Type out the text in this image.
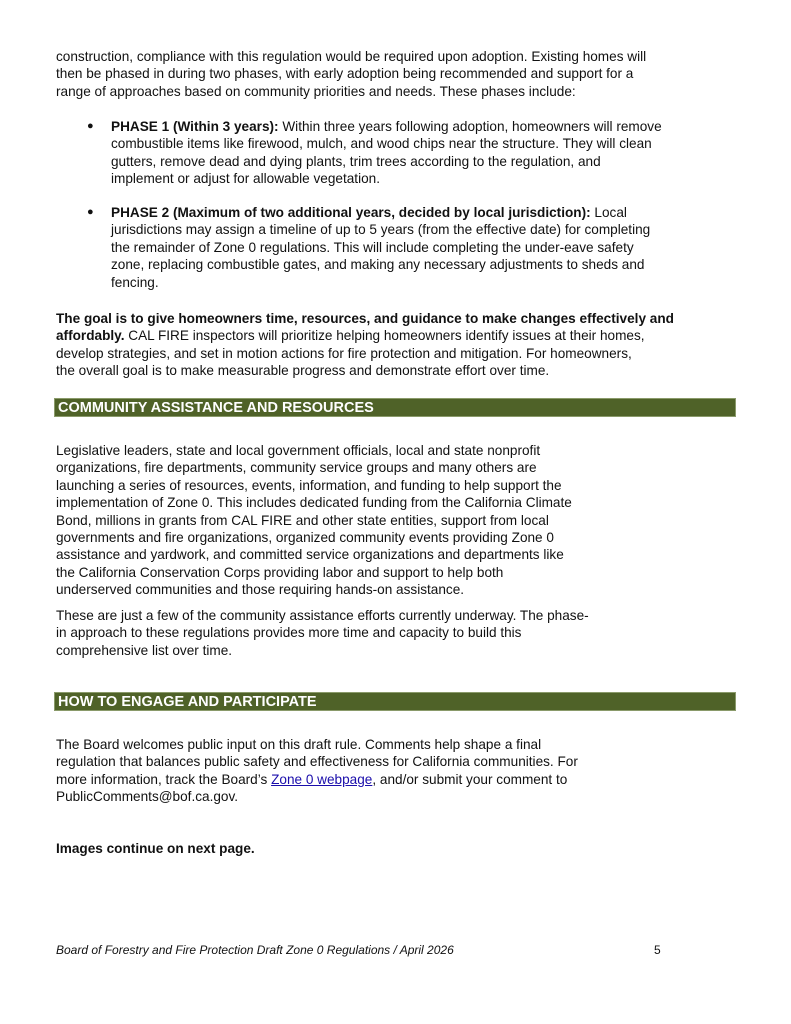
construction, compliance with this regulation would be required upon adoption. Existing homes will
then be phased in during two phases, with early adoption being recommended and support for a
range of approaches based on community priorities and needs. These phases include:
● PHASE 1 (Within 3 years): Within three years following adoption, homeowners will remove
combustible items like firewood, mulch, and wood chips near the structure. They will clean
gutters, remove dead and dying plants, trim trees according to the regulation, and
implement or adjust for allowable vegetation.
● PHASE 2 (Maximum of two additional years, decided by local jurisdiction): Local
jurisdictions may assign a timeline of up to 5 years (from the effective date) for completing
the remainder of Zone 0 regulations. This will include completing the under-eave safety
zone, replacing combustible gates, and making any necessary adjustments to sheds and
fencing.
The goal is to give homeowners time, resources, and guidance to make changes effectively and
affordably. CAL FIRE inspectors will prioritize helping homeowners identify issues at their homes,
develop strategies, and set in motion actions for fire protection and mitigation. For homeowners,
the overall goal is to make measurable progress and demonstrate effort over time.
COMMUNITY ASSISTANCE AND RESOURCES
Legislative leaders, state and local government officials, local and state nonprofit
organizations, fire departments, community service groups and many others are
launching a series of resources, events, information, and funding to help support the
implementation of Zone 0. This includes dedicated funding from the California Climate
Bond, millions in grants from CAL FIRE and other state entities, support from local
governments and fire organizations, organized community events providing Zone 0
assistance and yardwork, and committed service organizations and departments like
the California Conservation Corps providing labor and support to help both
underserved communities and those requiring hands-on assistance.
These are just a few of the community assistance efforts currently underway. The phase-
in approach to these regulations provides more time and capacity to build this
comprehensive list over time.
HOW TO ENGAGE AND PARTICIPATE
The Board welcomes public input on this draft rule. Comments help shape a final
regulation that balances public safety and effectiveness for California communities. For
more information, track the Board’s Zone 0 webpage, and/or submit your comment to
PublicComments@bof.ca.gov.
Images continue on next page.
Board of Forestry and Fire Protection Draft Zone 0 Regulations / April 2026	5
